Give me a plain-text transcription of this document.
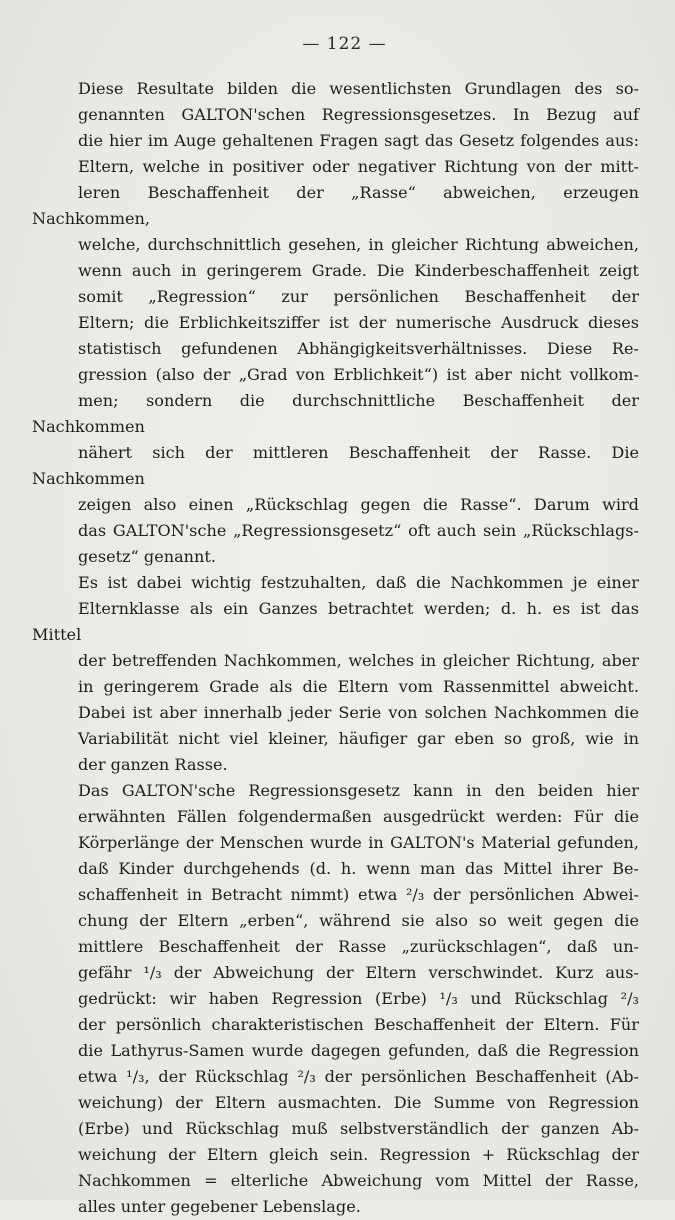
— 122 —

Diese Resultate bilden die wesentlichsten Grundlagen des so-
genannten GALTON'schen Regressionsgesetzes. In Bezug auf
die hier im Auge gehaltenen Fragen sagt das Gesetz folgendes aus:
Eltern, welche in positiver oder negativer Richtung von der mitt-
leren Beschaffenheit der „Rasse“ abweichen, erzeugen Nachkommen,
welche, durchschnittlich gesehen, in gleicher Richtung abweichen,
wenn auch in geringerem Grade. Die Kinderbeschaffenheit zeigt
somit „Regression“ zur persönlichen Beschaffenheit der
Eltern; die Erblichkeitsziffer ist der numerische Ausdruck dieses
statistisch gefundenen Abhängigkeitsverhältnisses. Diese Re-
gression (also der „Grad von Erblichkeit“) ist aber nicht vollkom-
men; sondern die durchschnittliche Beschaffenheit der Nachkommen
nähert sich der mittleren Beschaffenheit der Rasse. Die Nachkommen
zeigen also einen „Rückschlag gegen die Rasse“. Darum wird
das GALTON'sche „Regressionsgesetz“ oft auch sein „Rückschlags-
gesetz“ genannt.

Es ist dabei wichtig festzuhalten, daß die Nachkommen je einer
Elternklasse als ein Ganzes betrachtet werden; d. h. es ist das Mittel
der betreffenden Nachkommen, welches in gleicher Richtung, aber
in geringerem Grade als die Eltern vom Rassenmittel abweicht.
Dabei ist aber innerhalb jeder Serie von solchen Nachkommen die
Variabilität nicht viel kleiner, häufiger gar eben so groß, wie in
der ganzen Rasse.

Das GALTON'sche Regressionsgesetz kann in den beiden hier
erwähnten Fällen folgendermaßen ausgedrückt werden: Für die
Körperlänge der Menschen wurde in GALTON's Material gefunden,
daß Kinder durchgehends (d. h. wenn man das Mittel ihrer Be-
schaffenheit in Betracht nimmt) etwa ²/₃ der persönlichen Abwei-
chung der Eltern „erben“, während sie also so weit gegen die
mittlere Beschaffenheit der Rasse „zurückschlagen“, daß un-
gefähr ¹/₃ der Abweichung der Eltern verschwindet. Kurz aus-
gedrückt: wir haben Regression (Erbe) ¹/₃ und Rückschlag ²/₃
der persönlich charakteristischen Beschaffenheit der Eltern. Für
die Lathyrus-Samen wurde dagegen gefunden, daß die Regression
etwa ¹/₃, der Rückschlag ²/₃ der persönlichen Beschaffenheit (Ab-
weichung) der Eltern ausmachten. Die Summe von Regression
(Erbe) und Rückschlag muß selbstverständlich der ganzen Ab-
weichung der Eltern gleich sein. Regression + Rückschlag der
Nachkommen = elterliche Abweichung vom Mittel der Rasse,
alles unter gegebener Lebenslage.
